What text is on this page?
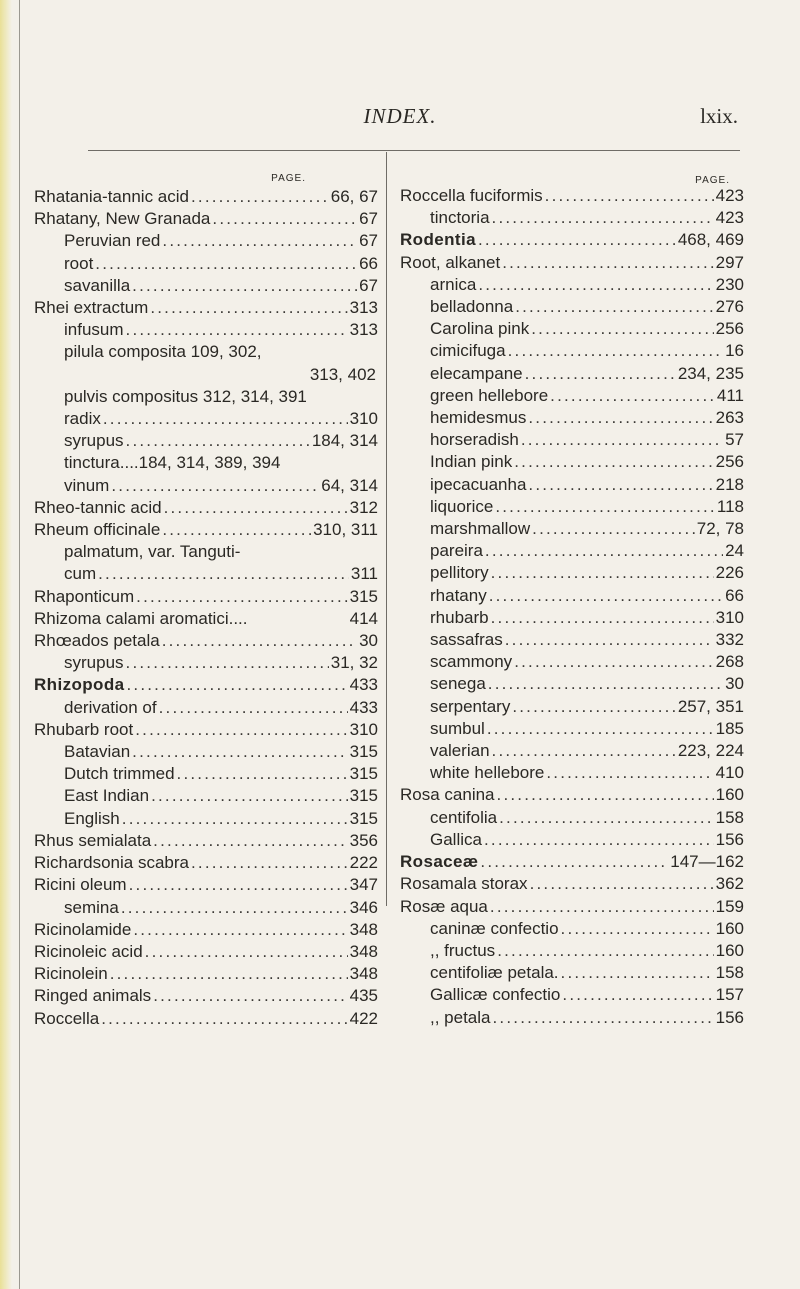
INDEX.	lxix.
PAGE.
Rhatania-tannic acid .....	66, 67
Rhatany, New Granada .....	67
Peruvian red .....	67
root .....	66
savanilla .....	67
Rhei extractum .....	313
infusum .....	313
pilula composita 109, 302,
313, 402
pulvis compositus 312, 314, 391
radix .....	310
syrupus .....	184, 314
tinctura....184, 314, 389, 394
vinum .....	64, 314
Rheo-tannic acid .....	312
Rheum officinale .....	310, 311
palmatum, var. Tanguti-
cum .....	311
Rhaponticum .....	315
Rhizoma calami aromatici....	414
Rhœados petala .....	30
syrupus .....	31, 32
Rhizopoda .....	433
derivation of .....	433
Rhubarb root .....	310
Batavian .....	315
Dutch trimmed .....	315
East Indian .....	315
English .....	315
Rhus semialata .....	356
Richardsonia scabra .....	222
Ricini oleum .....	347
semina .....	346
Ricinolamide .....	348
Ricinoleic acid .....	348
Ricinolein .....	348
Ringed animals .....	435
Roccella .....	422
PAGE.
Roccella fuciformis .....	423
tinctoria .....	423
Rodentia .....	468, 469
Root, alkanet .....	297
arnica .....	230
belladonna .....	276
Carolina pink .....	256
cimicifuga .....	16
elecampane .....	234, 235
green hellebore .....	411
hemidesmus .....	263
horseradish .....	57
Indian pink .....	256
ipecacuanha .....	218
liquorice .....	118
marshmallow .....	72, 78
pareira .....	24
pellitory .....	226
rhatany .....	66
rhubarb .....	310
sassafras .....	332
scammony .....	268
senega .....	30
serpentary .....	257, 351
sumbul .....	185
valerian .....	223, 224
white hellebore .....	410
Rosa canina .....	160
centifolia .....	158
Gallica .....	156
Rosaceæ .....	147—162
Rosamala storax .....	362
Rosæ aqua .....	159
caninæ confectio .....	160
,, fructus .....	160
centifoliæ petala. .....	158
Gallicæ confectio .....	157
,, petala .....	156
